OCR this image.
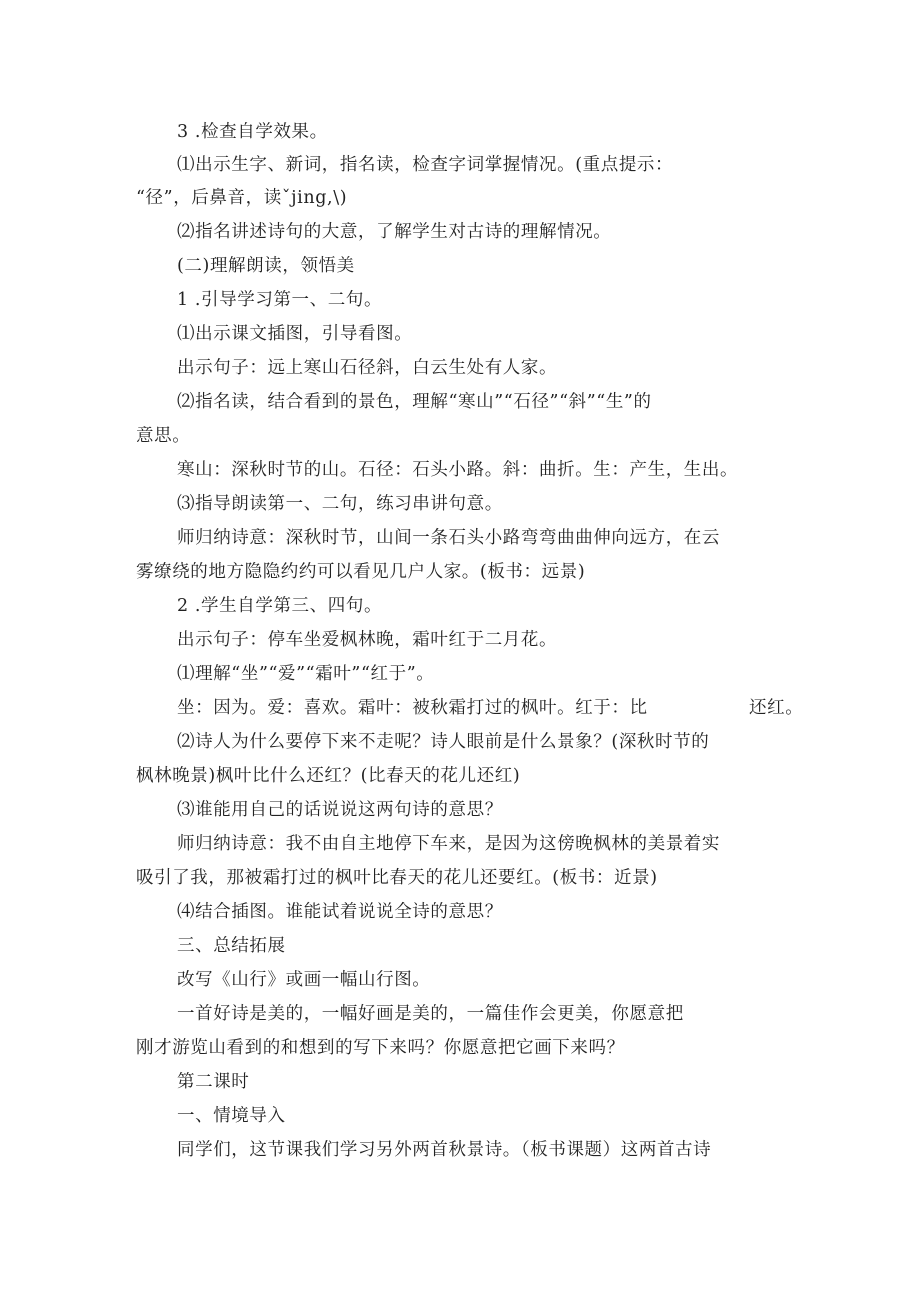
3 .检查自学效果。
⑴出示生字、新词，指名读，检查字词掌握情况。(重点提示：
“径”，后鼻音，读ˇjing,\)
⑵指名讲述诗句的大意，了解学生对古诗的理解情况。
(二)理解朗读，领悟美
1 .引导学习第一、二句。
⑴出示课文插图，引导看图。
出示句子：远上寒山石径斜，白云生处有人家。
⑵指名读，结合看到的景色，理解“寒山”“石径”“斜”“生”的
意思。
寒山：深秋时节的山。石径：石头小路。斜：曲折。生：产生，生出。
⑶指导朗读第一、二句，练习串讲句意。
师归纳诗意：深秋时节，山间一条石头小路弯弯曲曲伸向远方，在云
雾缭绕的地方隐隐约约可以看见几户人家。(板书：远景)
2 .学生自学第三、四句。
出示句子：停车坐爱枫林晚，霜叶红于二月花。
⑴理解“坐”“爱”“霜叶”“红于”。
坐：因为。爱：喜欢。霜叶：被秋霜打过的枫叶。红于：比	还红。
⑵诗人为什么要停下来不走呢？诗人眼前是什么景象？(深秋时节的
枫林晚景)枫叶比什么还红？(比春天的花儿还红)
⑶谁能用自己的话说说这两句诗的意思？
师归纳诗意：我不由自主地停下车来，是因为这傍晚枫林的美景着实
吸引了我，那被霜打过的枫叶比春天的花儿还要红。(板书：近景)
⑷结合插图。谁能试着说说全诗的意思？
三、总结拓展
改写《山行》或画一幅山行图。
一首好诗是美的，一幅好画是美的，一篇佳作会更美，你愿意把
刚才游览山看到的和想到的写下来吗？你愿意把它画下来吗？
第二课时
一、情境导入
同学们，这节课我们学习另外两首秋景诗。（板书课题）这两首古诗
